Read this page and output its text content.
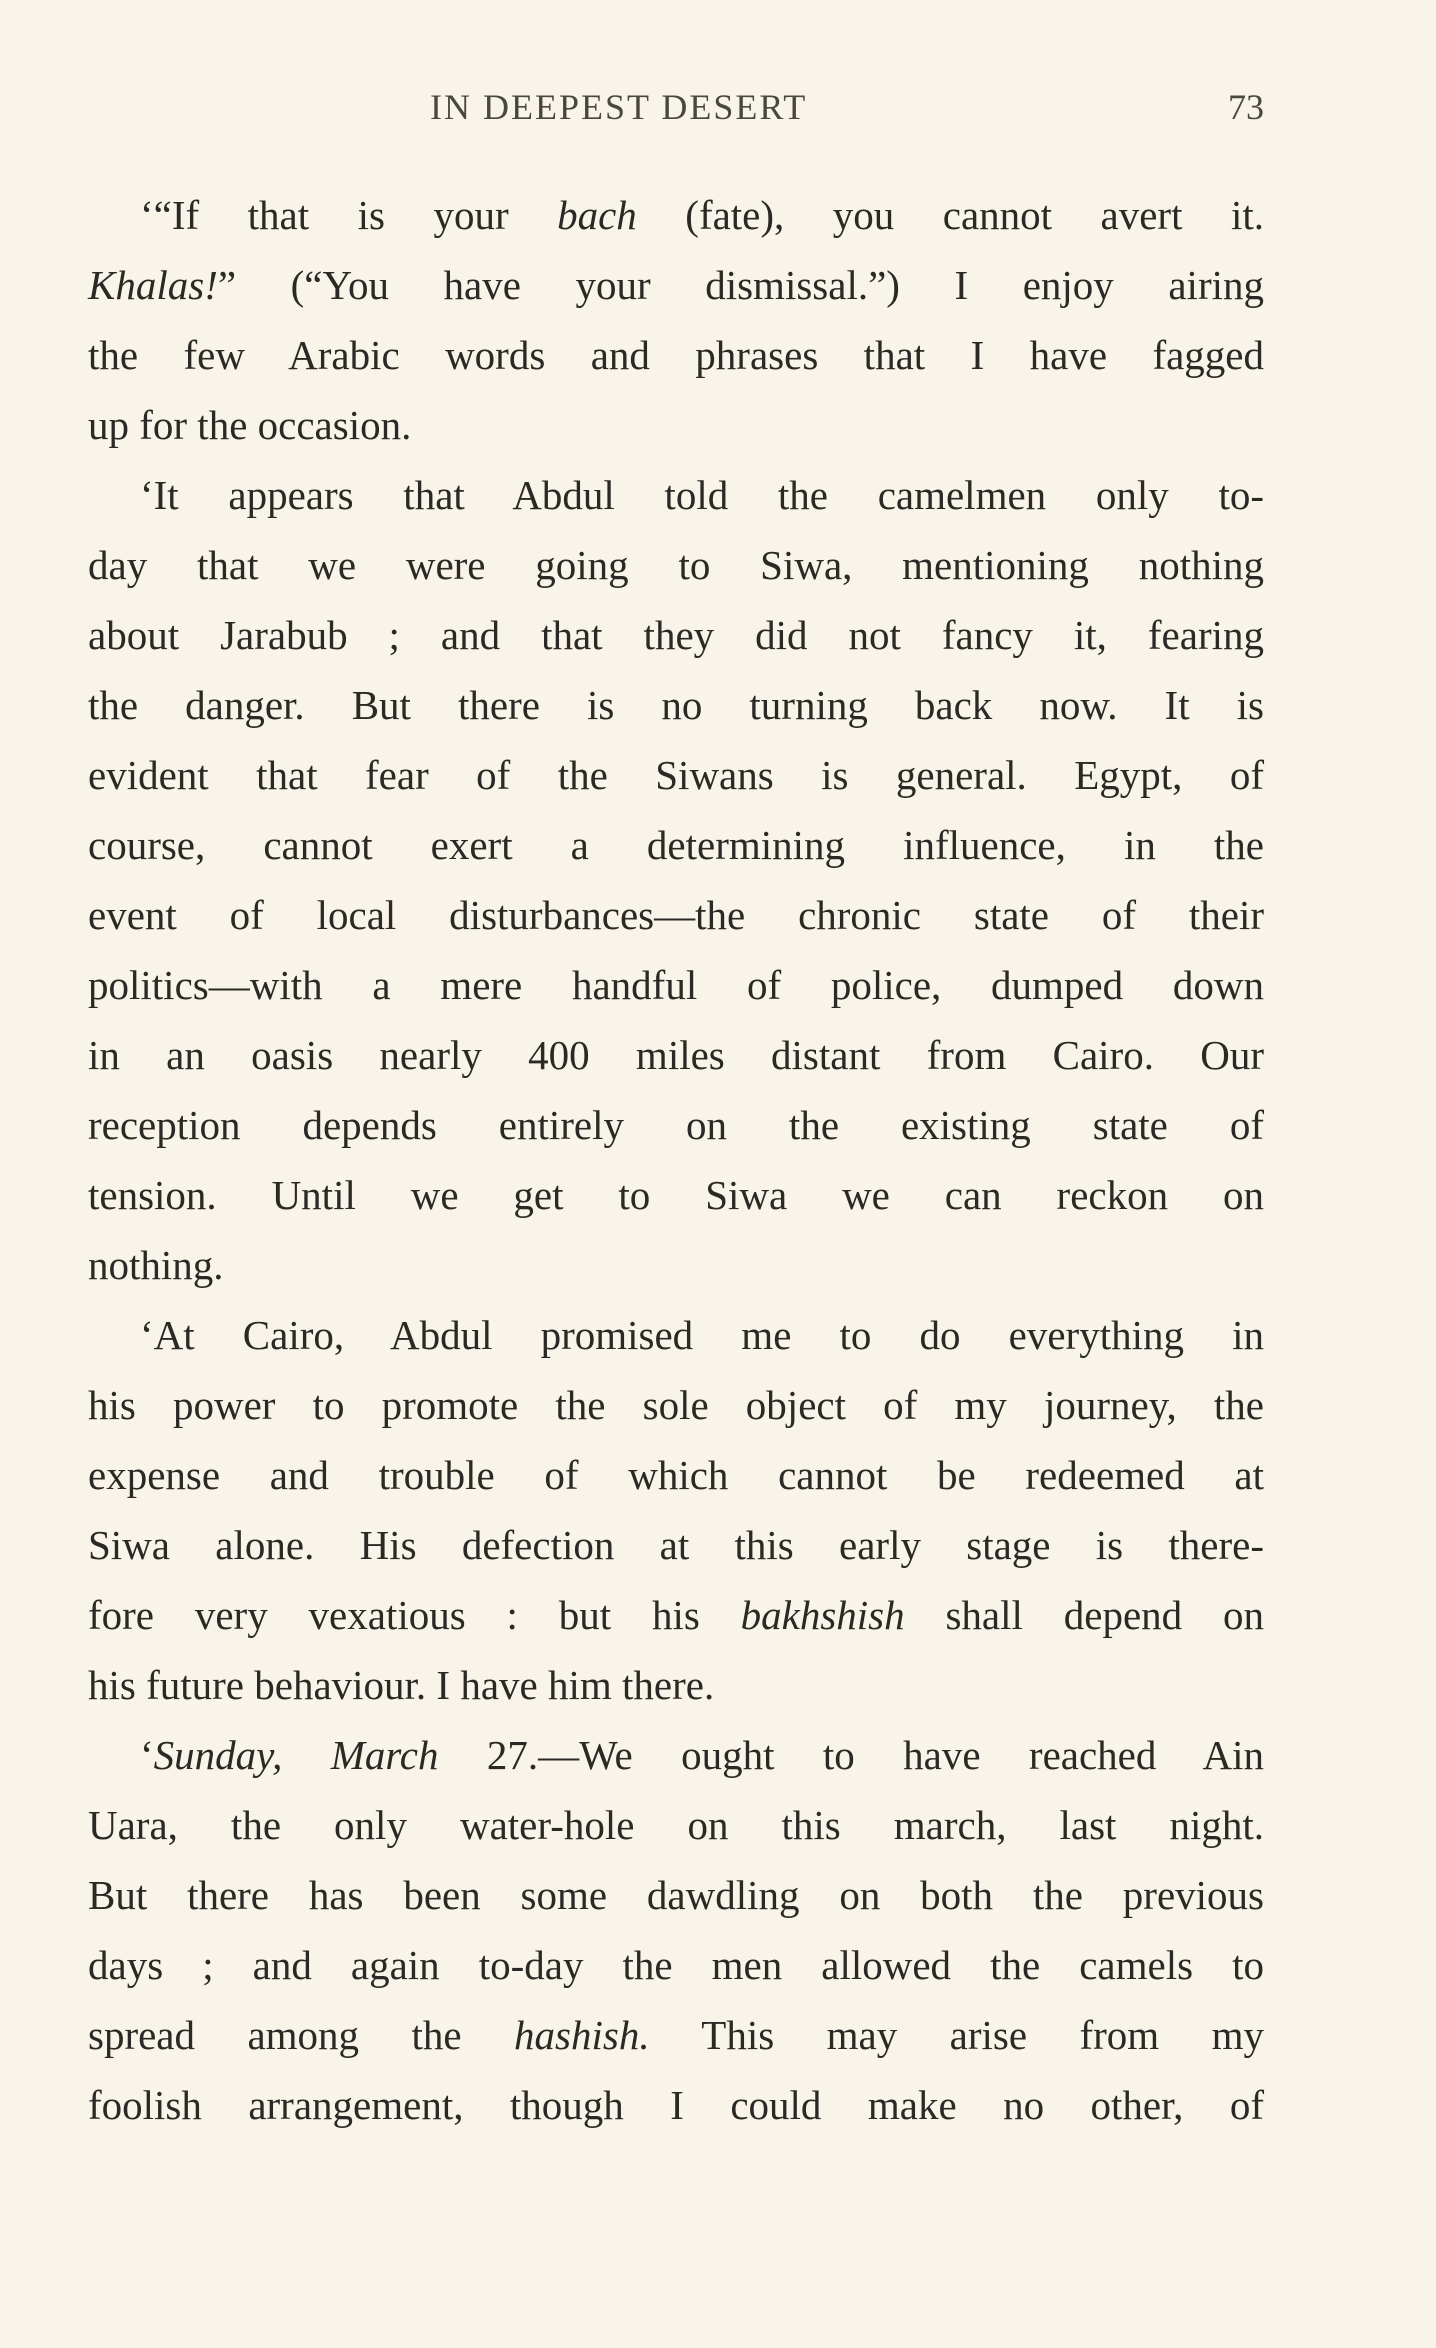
IN DEEPEST DESERT	73
‘“If that is your bach (fate), you cannot avert it.
Khalas!” (“You have your dismissal.”) I enjoy airing
the few Arabic words and phrases that I have fagged
up for the occasion.
‘It appears that Abdul told the camelmen only to-
day that we were going to Siwa, mentioning nothing
about Jarabub ; and that they did not fancy it, fearing
the danger. But there is no turning back now. It is
evident that fear of the Siwans is general. Egypt, of
course, cannot exert a determining influence, in the
event of local disturbances—the chronic state of their
politics—with a mere handful of police, dumped down
in an oasis nearly 400 miles distant from Cairo. Our
reception depends entirely on the existing state of
tension. Until we get to Siwa we can reckon on
nothing.
‘At Cairo, Abdul promised me to do everything in
his power to promote the sole object of my journey, the
expense and trouble of which cannot be redeemed at
Siwa alone. His defection at this early stage is there-
fore very vexatious : but his bakhshish shall depend on
his future behaviour. I have him there.
‘Sunday, March 27.—We ought to have reached Ain
Uara, the only water-hole on this march, last night.
But there has been some dawdling on both the previous
days ; and again to-day the men allowed the camels to
spread among the hashish. This may arise from my
foolish arrangement, though I could make no other, of
